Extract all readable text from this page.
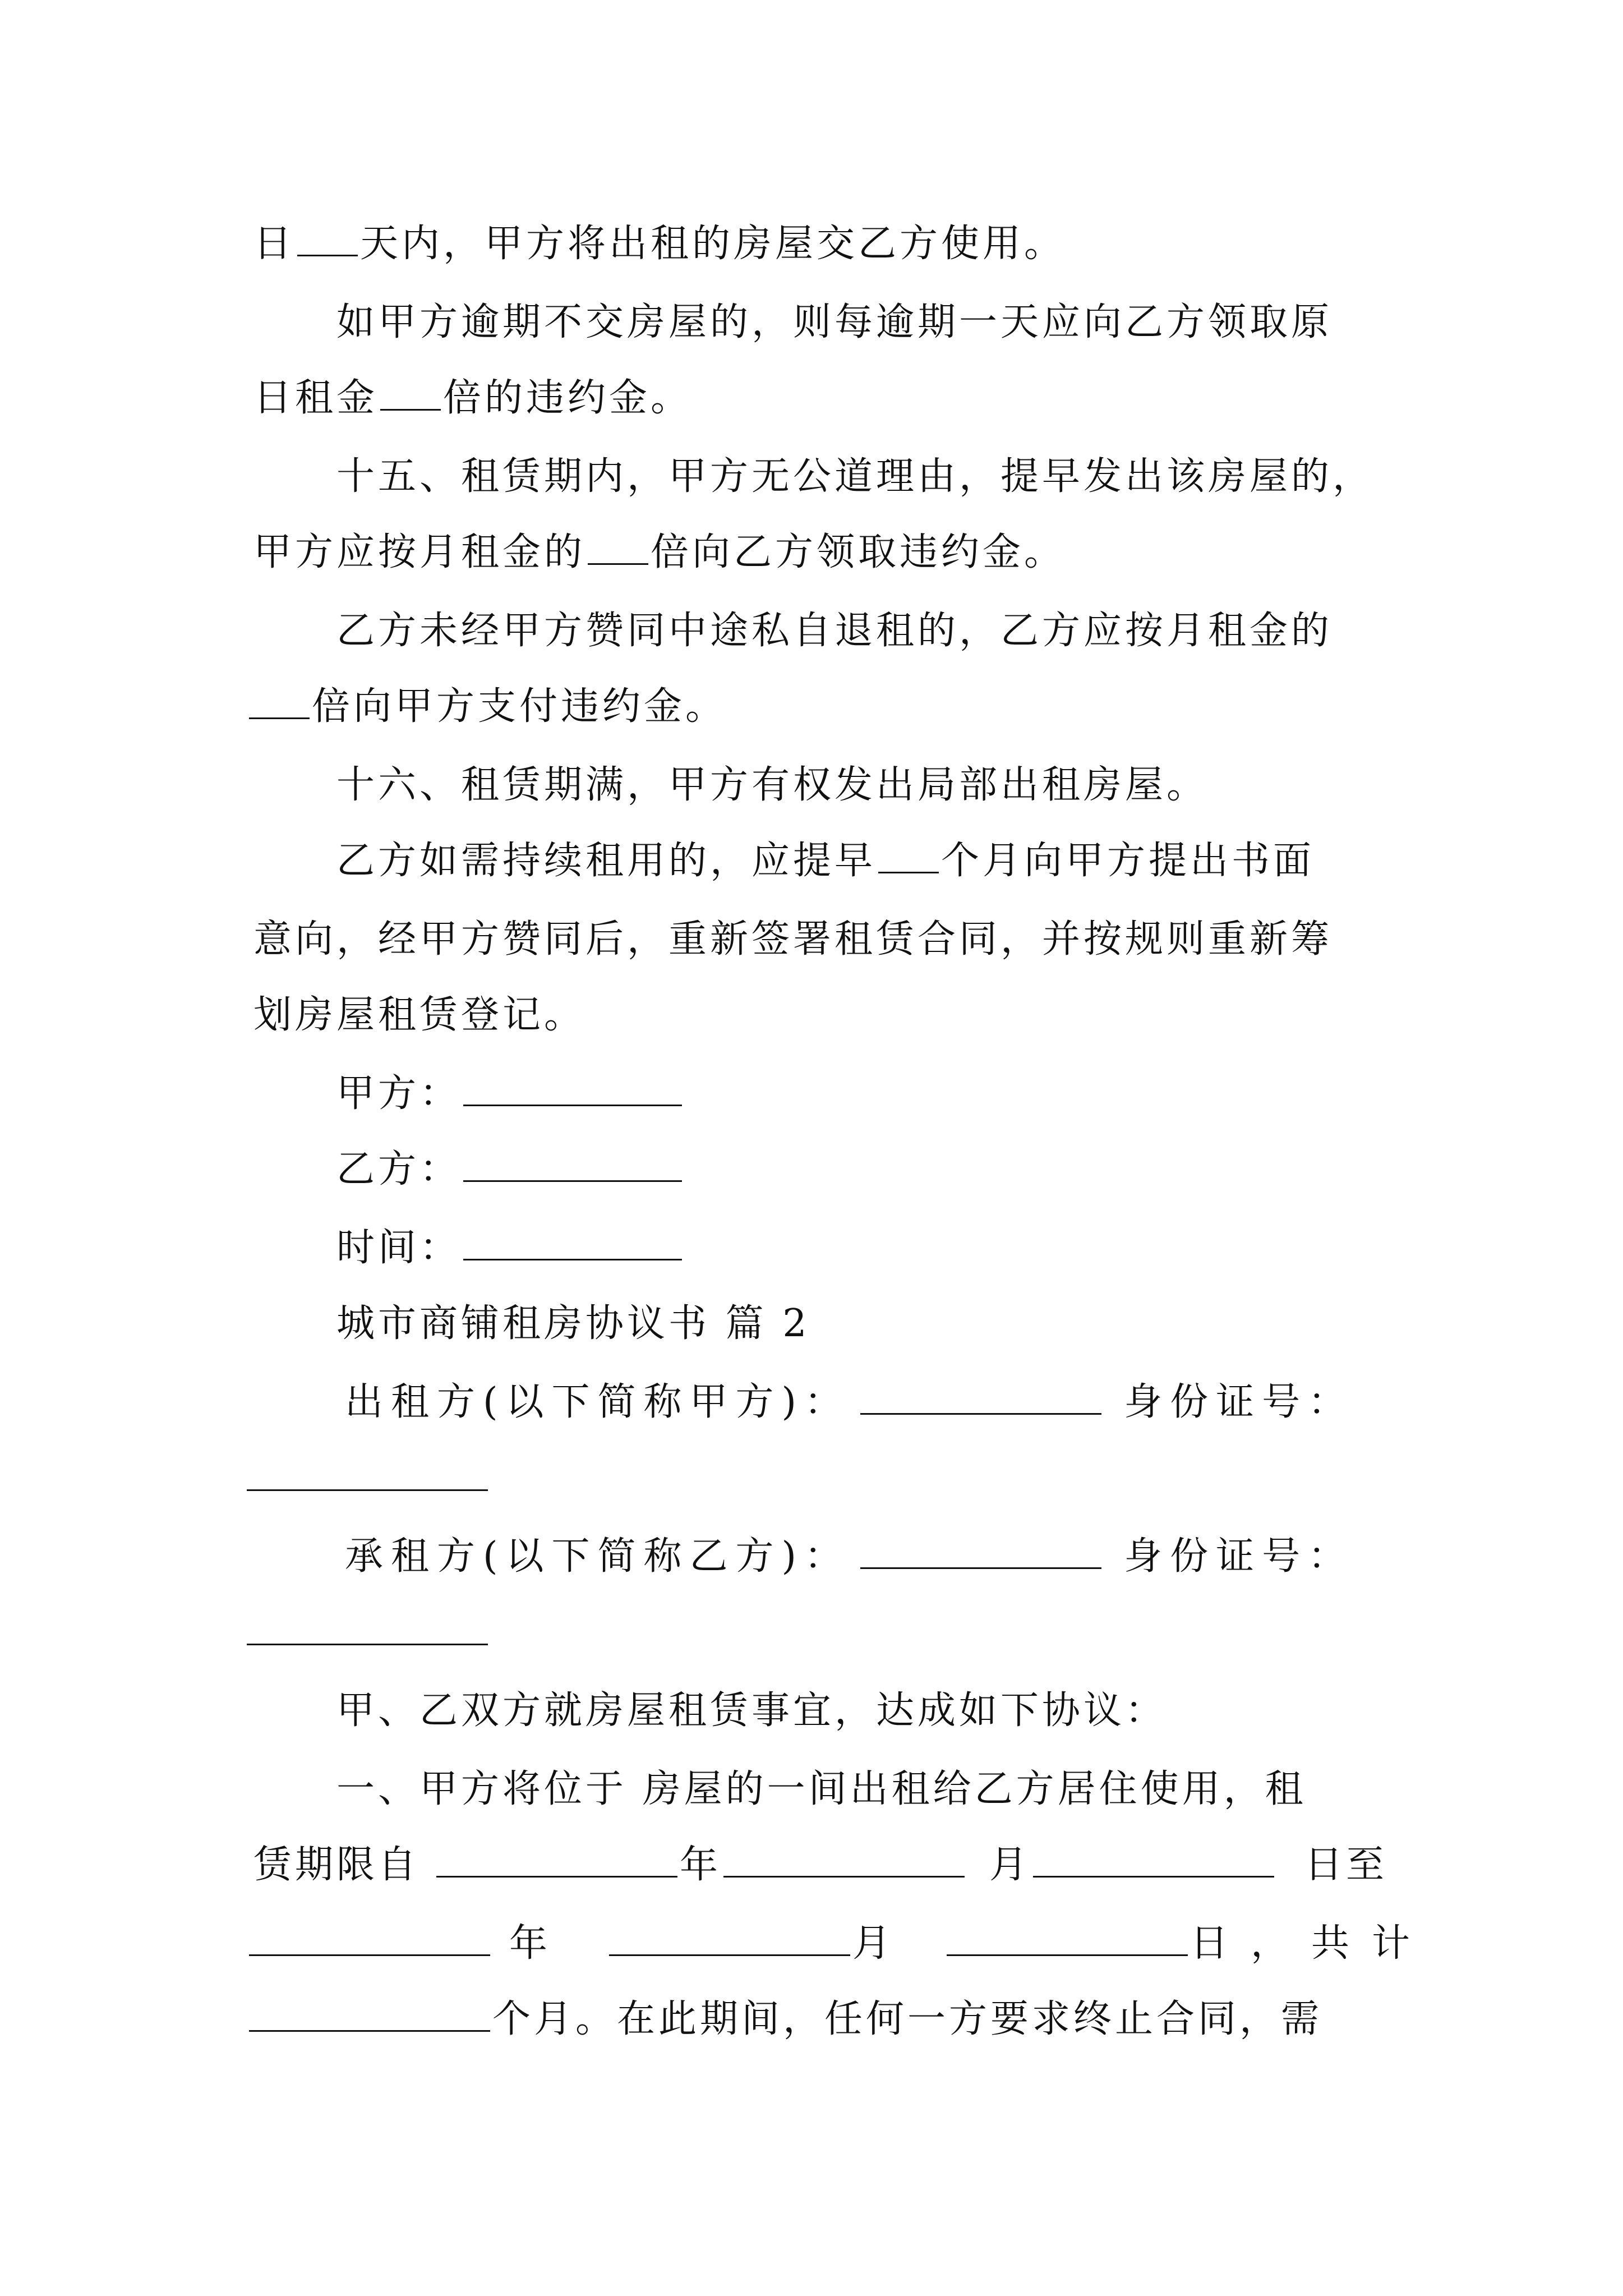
日 天内，甲方将出租的房屋交乙方使用。
如甲方逾期不交房屋的，则每逾期一天应向乙方领取原
日租金 倍的违约金。
十五、租赁期内，甲方无公道理由，提早发出该房屋的，
甲方应按月租金的 倍向乙方领取违约金。
乙方未经甲方赞同中途私自退租的，乙方应按月租金的
倍向甲方支付违约金。
十六、租赁期满，甲方有权发出局部出租房屋。
乙方如需持续租用的，应提早 个月向甲方提出书面
意向，经甲方赞同后，重新签署租赁合同，并按规则重新筹
划房屋租赁登记。
甲方：
乙方：
时间：
城市商铺租房协议书 篇 2
出租方(以下简称甲方)：	身份证号：
承租方(以下简称乙方)：	身份证号：
甲、乙双方就房屋租赁事宜，达成如下协议：
一、甲方将位于 房屋的一间出租给乙方居住使用，租
赁期限自	年	月	日至
年	月	日，共计
个月。在此期间，任何一方要求终止合同，需
